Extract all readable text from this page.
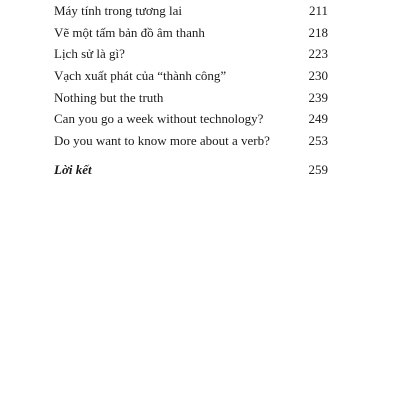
Máy tính trong tương lai	211
Vẽ một tấm bản đồ âm thanh	218
Lịch sử là gì?	223
Vạch xuất phát của “thành công”	230
Nothing but the truth	239
Can you go a week without technology?	249
Do you want to know more about a verb?	253
Lời kết	259
